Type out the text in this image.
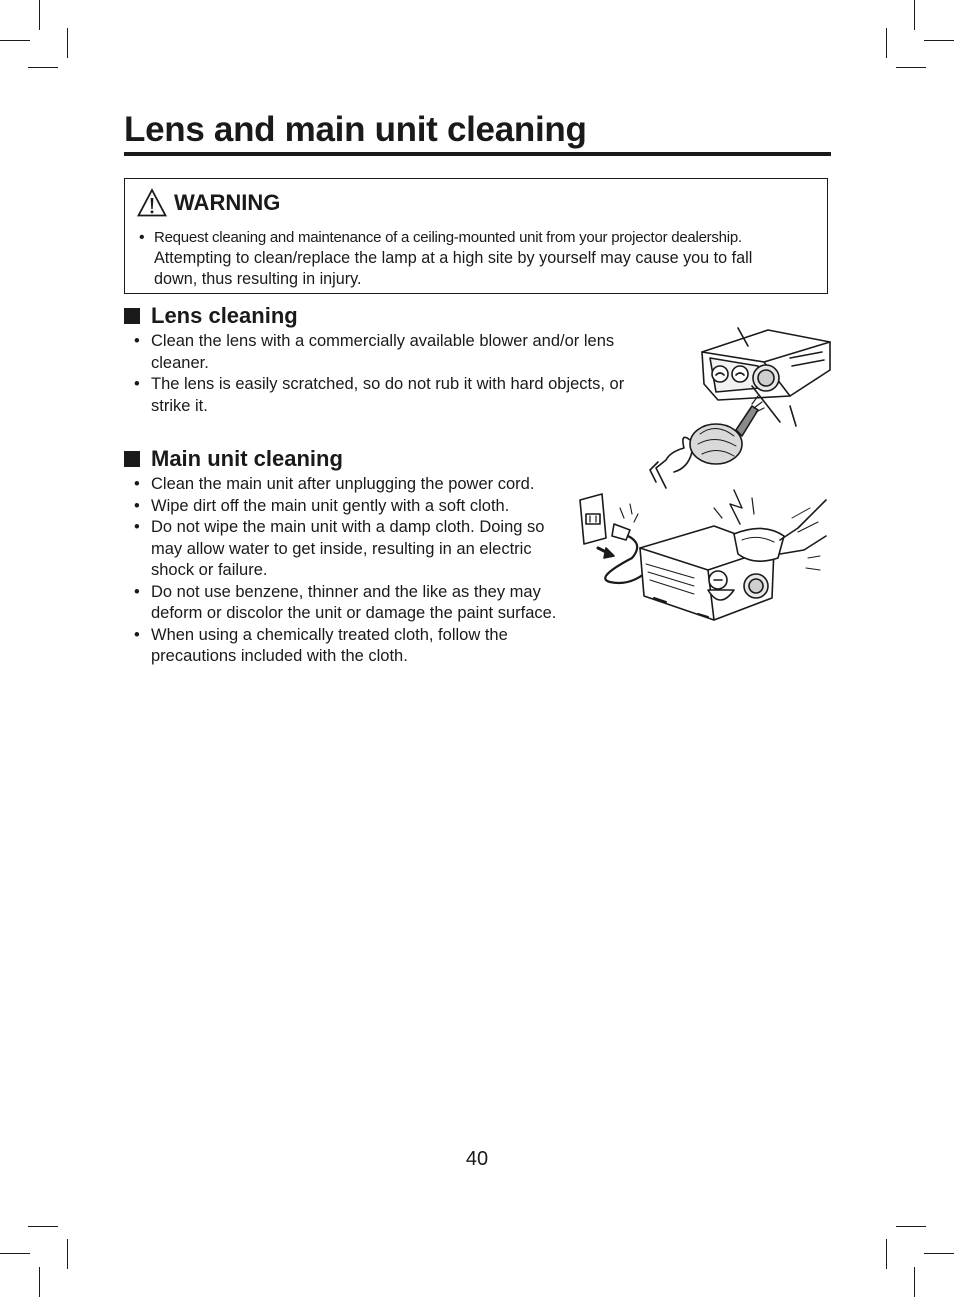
Lens and main unit cleaning
WARNING
• Request cleaning and maintenance of a ceiling-mounted unit from your projector dealership.
Attempting to clean/replace the lamp at a high site by yourself may cause you to fall
down, thus resulting in injury.
Lens cleaning
• Clean the lens with a commercially available blower and/or lens cleaner.
• The lens is easily scratched, so do not rub it with hard objects, or strike it.
Main unit cleaning
• Clean the main unit after unplugging the power cord.
• Wipe dirt off the main unit gently with a soft cloth.
• Do not wipe the main unit with a damp cloth. Doing so may allow water to get inside, resulting in an electric shock or failure.
• Do not use benzene, thinner and the like as they may deform or discolor the unit or damage the paint surface.
• When using a chemically treated cloth, follow the precautions included with the cloth.
40
